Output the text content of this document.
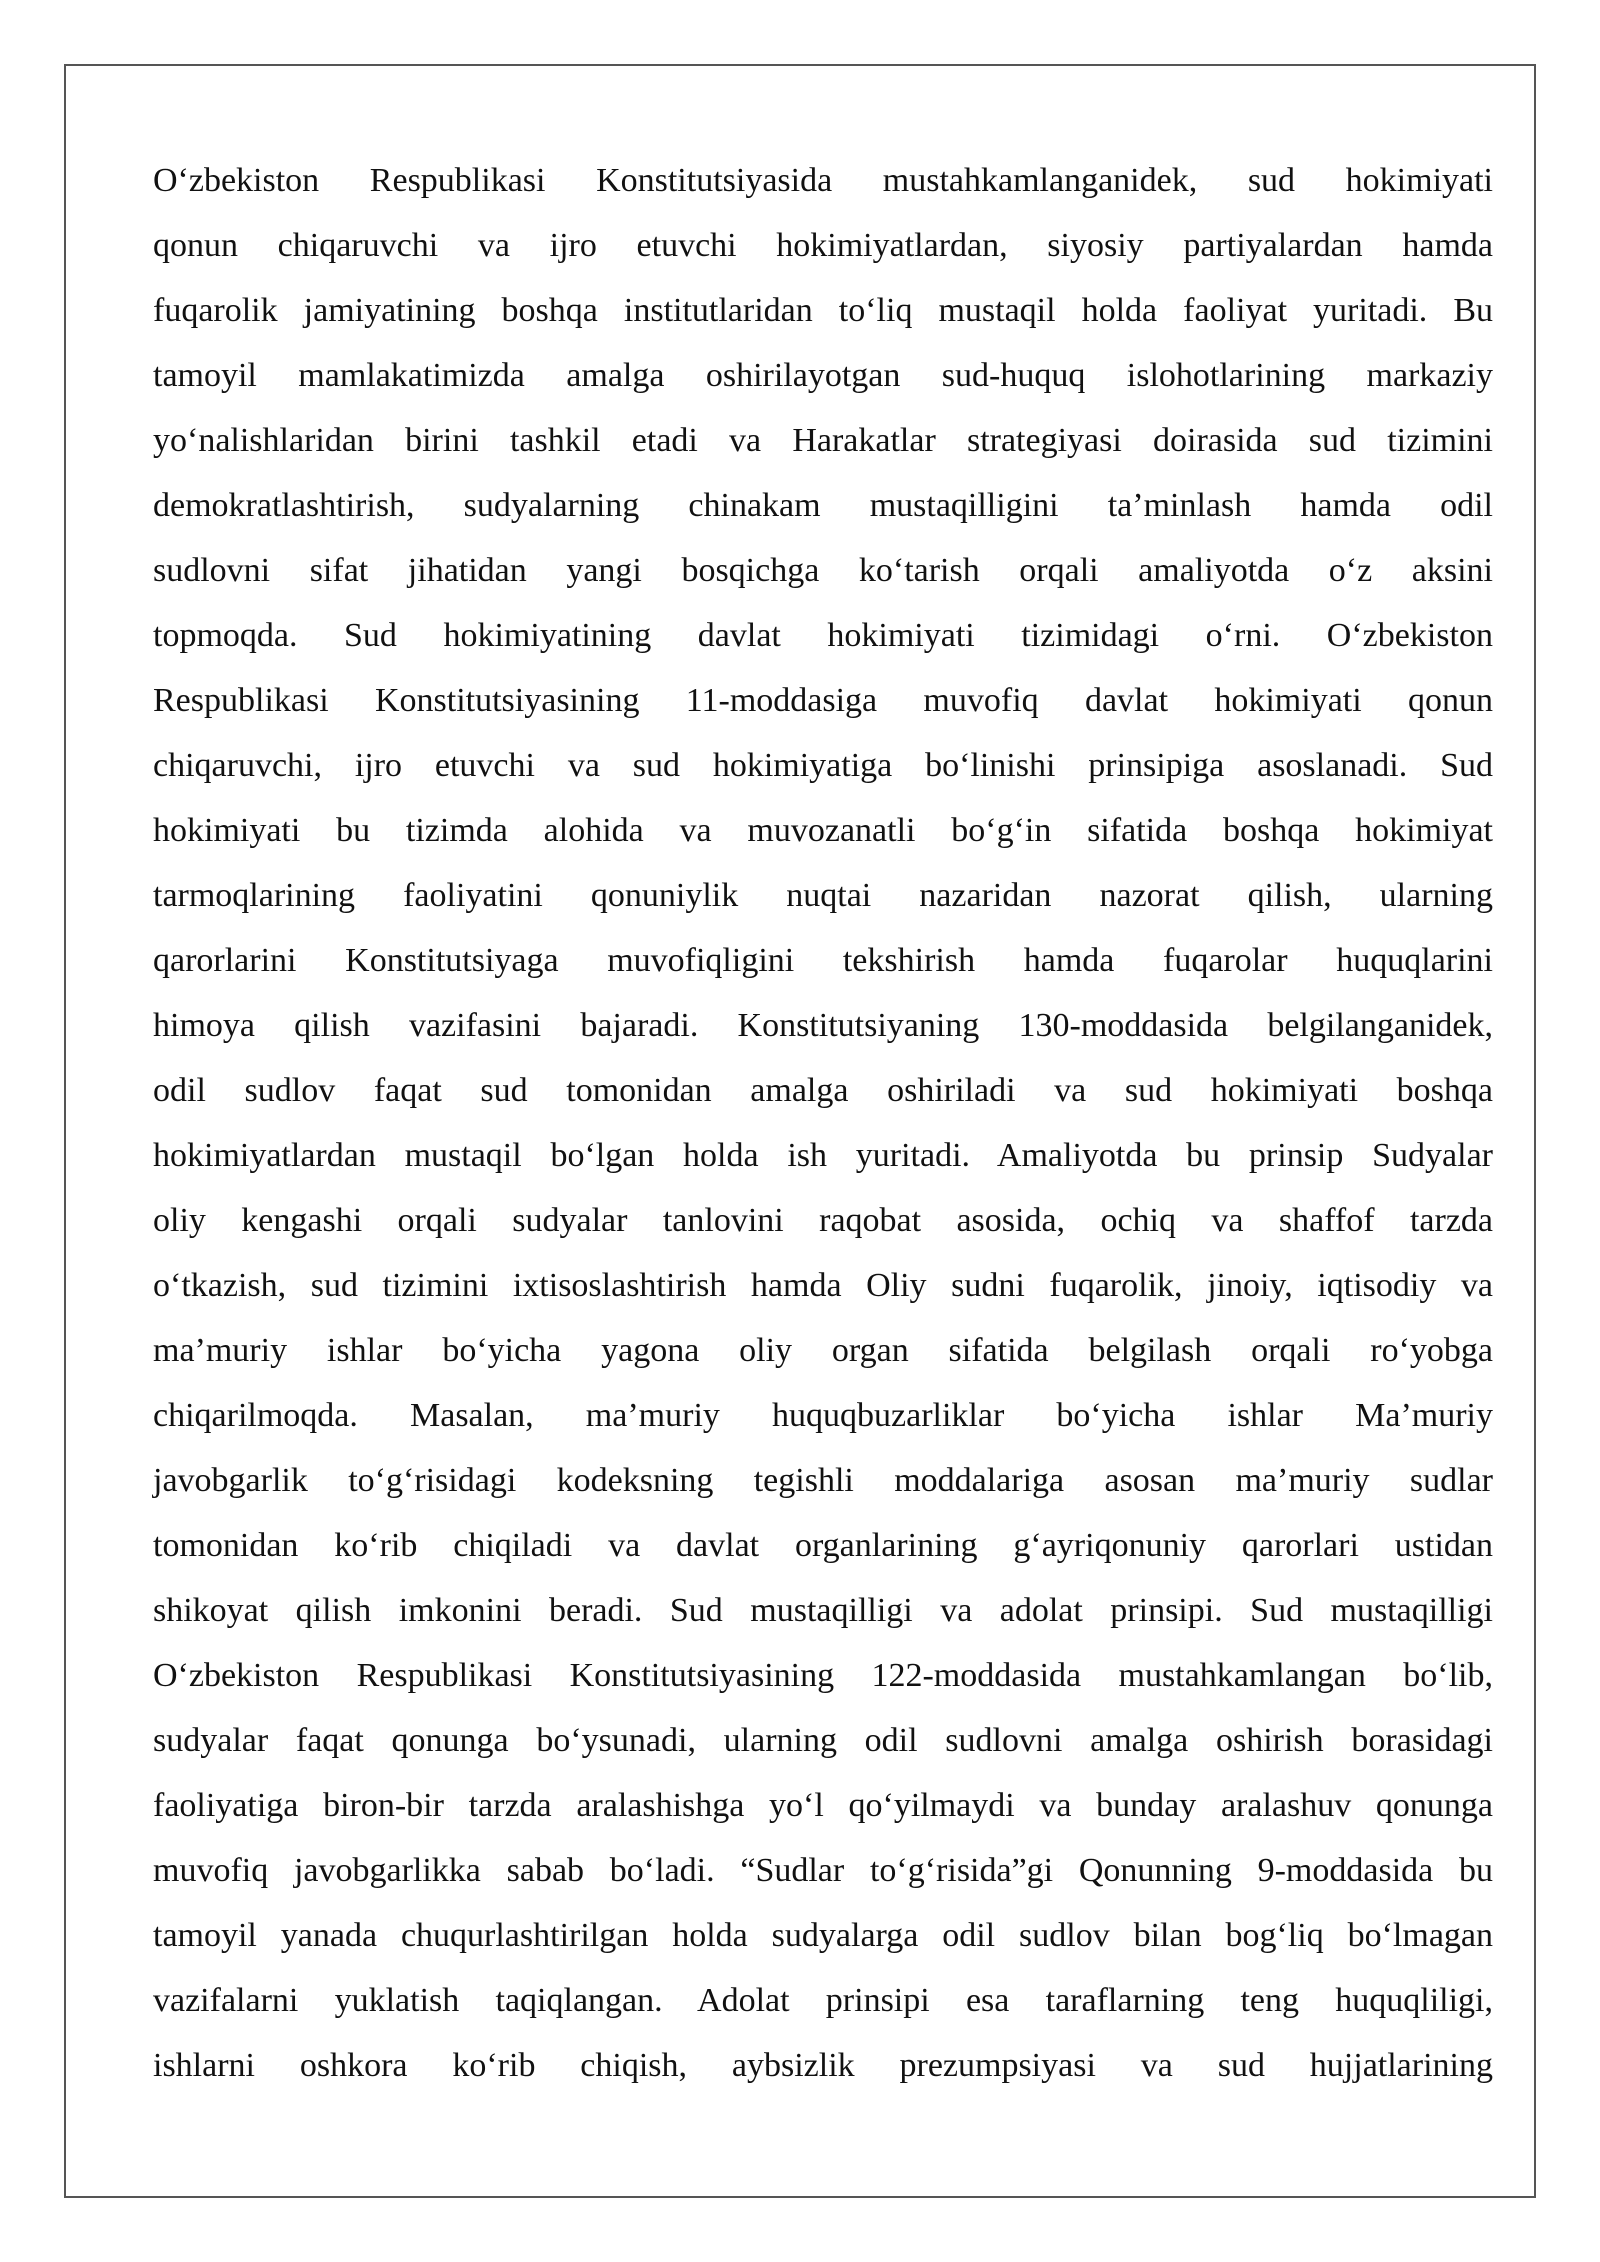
O‘zbekiston Respublikasi Konstitutsiyasida mustahkamlanganidek, sud hokimiyati
qonun chiqaruvchi va ijro etuvchi hokimiyatlardan, siyosiy partiyalardan hamda
fuqarolik jamiyatining boshqa institutlaridan to‘liq mustaqil holda faoliyat yuritadi. Bu
tamoyil mamlakatimizda amalga oshirilayotgan sud-huquq islohotlarining markaziy
yo‘nalishlaridan birini tashkil etadi va Harakatlar strategiyasi doirasida sud tizimini
demokratlashtirish, sudyalarning chinakam mustaqilligini ta’minlash hamda odil
sudlovni sifat jihatidan yangi bosqichga ko‘tarish orqali amaliyotda o‘z aksini
topmoqda. Sud hokimiyatining davlat hokimiyati tizimidagi o‘rni. O‘zbekiston
Respublikasi Konstitutsiyasining 11-moddasiga muvofiq davlat hokimiyati qonun
chiqaruvchi, ijro etuvchi va sud hokimiyatiga bo‘linishi prinsipiga asoslanadi. Sud
hokimiyati bu tizimda alohida va muvozanatli bo‘g‘in sifatida boshqa hokimiyat
tarmoqlarining faoliyatini qonuniylik nuqtai nazaridan nazorat qilish, ularning
qarorlarini Konstitutsiyaga muvofiqligini tekshirish hamda fuqarolar huquqlarini
himoya qilish vazifasini bajaradi. Konstitutsiyaning 130-moddasida belgilanganidek,
odil sudlov faqat sud tomonidan amalga oshiriladi va sud hokimiyati boshqa
hokimiyatlardan mustaqil bo‘lgan holda ish yuritadi. Amaliyotda bu prinsip Sudyalar
oliy kengashi orqali sudyalar tanlovini raqobat asosida, ochiq va shaffof tarzda
o‘tkazish, sud tizimini ixtisoslashtirish hamda Oliy sudni fuqarolik, jinoiy, iqtisodiy va
ma’muriy ishlar bo‘yicha yagona oliy organ sifatida belgilash orqali ro‘yobga
chiqarilmoqda. Masalan, ma’muriy huquqbuzarliklar bo‘yicha ishlar Ma’muriy
javobgarlik to‘g‘risidagi kodeksning tegishli moddalariga asosan ma’muriy sudlar
tomonidan ko‘rib chiqiladi va davlat organlarining g‘ayriqonuniy qarorlari ustidan
shikoyat qilish imkonini beradi. Sud mustaqilligi va adolat prinsipi. Sud mustaqilligi
O‘zbekiston Respublikasi Konstitutsiyasining 122-moddasida mustahkamlangan bo‘lib,
sudyalar faqat qonunga bo‘ysunadi, ularning odil sudlovni amalga oshirish borasidagi
faoliyatiga biron-bir tarzda aralashishga yo‘l qo‘yilmaydi va bunday aralashuv qonunga
muvofiq javobgarlikka sabab bo‘ladi. “Sudlar to‘g‘risida”gi Qonunning 9-moddasida bu
tamoyil yanada chuqurlashtirilgan holda sudyalarga odil sudlov bilan bog‘liq bo‘lmagan
vazifalarni yuklatish taqiqlangan. Adolat prinsipi esa taraflarning teng huquqliligi,
ishlarni oshkora ko‘rib chiqish, aybsizlik prezumpsiyasi va sud hujjatlarining
